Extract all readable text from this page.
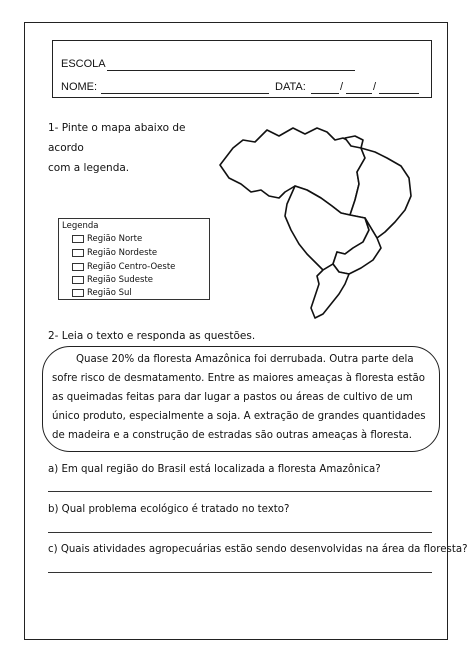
ESCOLA
NOME:	DATA:	/	/
1- Pinte o mapa abaixo de acordo
com a legenda.
Legenda
Região Norte
Região Nordeste
Região Centro-Oeste
Região Sudeste
Região Sul
2- Leia o texto e responda as questões.
Quase 20% da floresta Amazônica foi derrubada. Outra parte dela sofre risco de desmatamento. Entre as maiores ameaças à floresta estão as queimadas feitas para dar lugar a pastos ou áreas de cultivo de um único produto, especialmente a soja. A extração de grandes quantidades de madeira e a construção de estradas são outras ameaças à floresta.
a) Em qual região do Brasil está localizada a floresta Amazônica?
b) Qual problema ecológico é tratado no texto?
c) Quais atividades agropecuárias estão sendo desenvolvidas na área da floresta?
